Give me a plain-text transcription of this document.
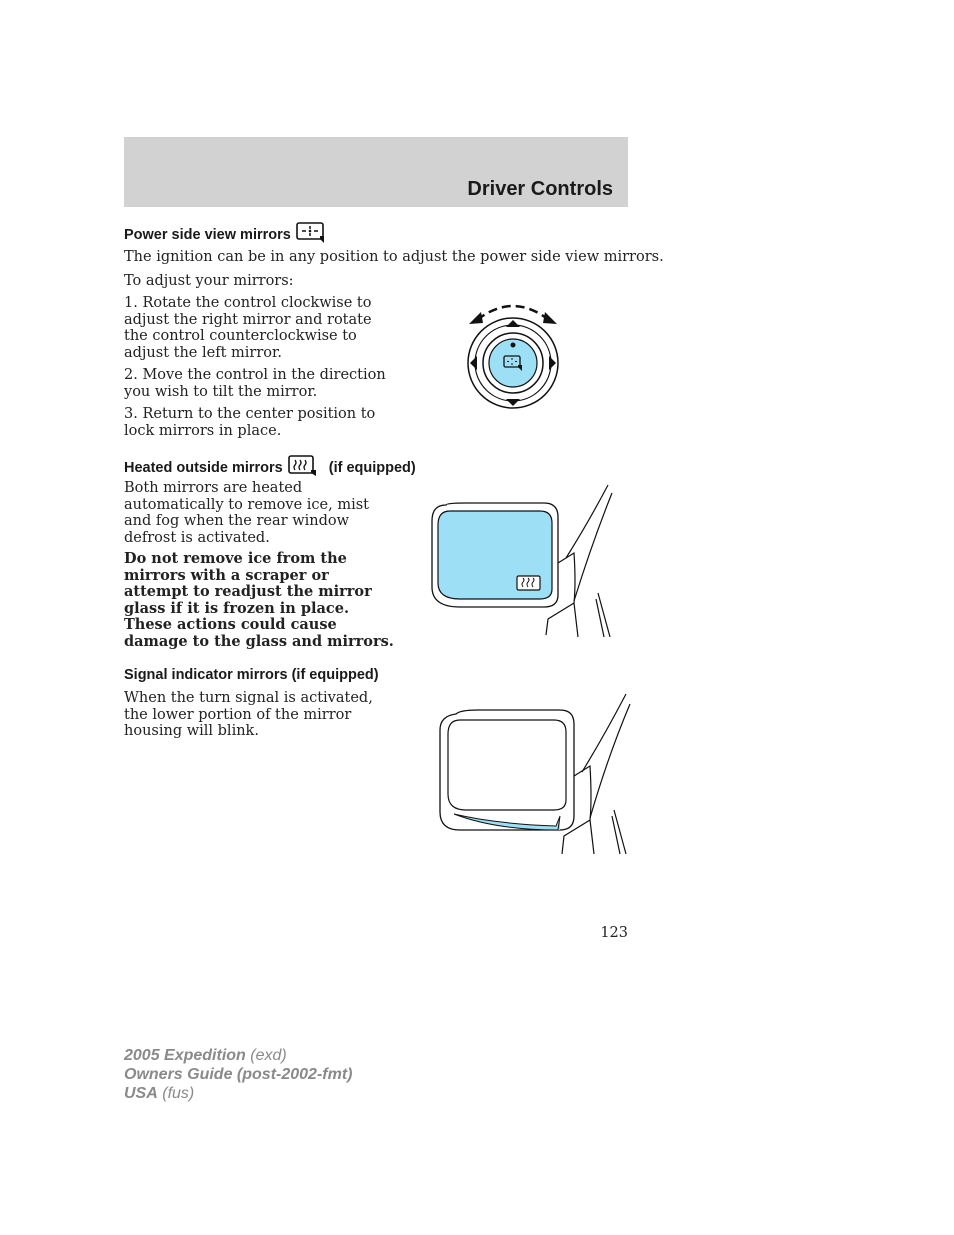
Driver Controls
Power side view mirrors

The ignition can be in any position to adjust the power side view mirrors.

To adjust your mirrors:

1. Rotate the control clockwise to
adjust the right mirror and rotate
the control counterclockwise to
adjust the left mirror.

2. Move the control in the direction
you wish to tilt the mirror.

3. Return to the center position to
lock mirrors in place.

Heated outside mirrors	(if equipped)

Both mirrors are heated
automatically to remove ice, mist
and fog when the rear window
defrost is activated.

Do not remove ice from the
mirrors with a scraper or
attempt to readjust the mirror
glass if it is frozen in place.
These actions could cause
damage to the glass and mirrors.

Signal indicator mirrors (if equipped)

When the turn signal is activated,
the lower portion of the mirror
housing will blink.

123
2005 Expedition (exd)
Owners Guide (post-2002-fmt)
USA (fus)
